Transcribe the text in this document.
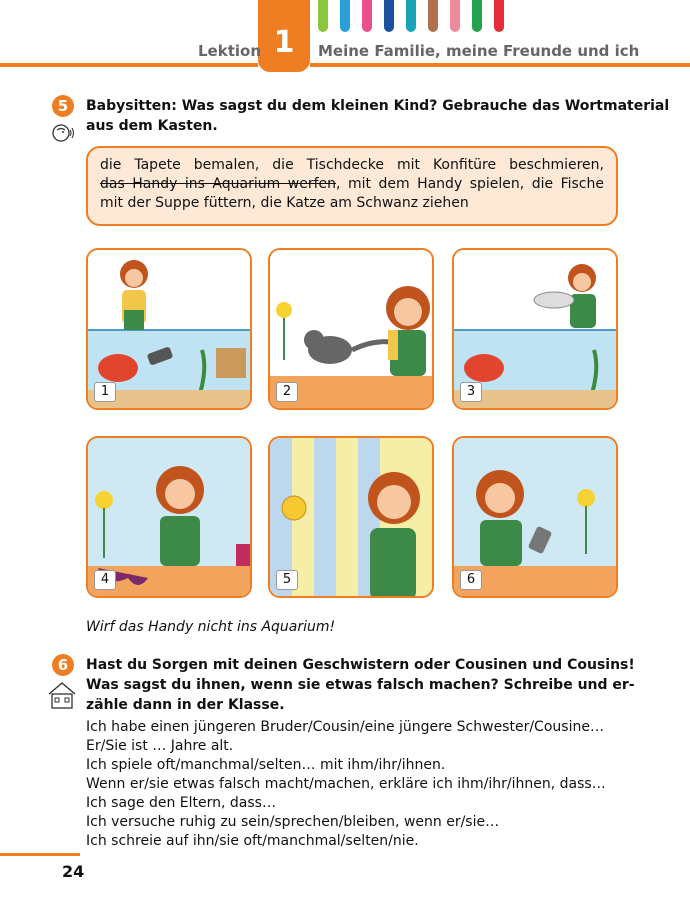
1
Lektion	Meine Familie, meine Freunde und ich
5	Babysitten: Was sagst du dem kleinen Kind? Gebrauche das Wortmaterial
aus dem Kasten.
die Tapete bemalen, die Tischdecke mit Konfitüre beschmieren,
das Handy ins Aquarium werfen, mit dem Handy spielen, die Fische
mit der Suppe füttern, die Katze am Schwanz ziehen
1	2	3
4	5	6
Wirf das Handy nicht ins Aquarium!
6	Hast du Sorgen mit deinen Geschwistern oder Cousinen und Cousins!
Was sagst du ihnen, wenn sie etwas falsch machen? Schreibe und er-
zähle dann in der Klasse.
Ich habe einen jüngeren Bruder/Cousin/eine jüngere Schwester/Cousine…
Er/Sie ist … Jahre alt.
Ich spiele oft/manchmal/selten… mit ihm/ihr/ihnen.
Wenn er/sie etwas falsch macht/machen, erkläre ich ihm/ihr/ihnen, dass…
Ich sage den Eltern, dass…
Ich versuche ruhig zu sein/sprechen/bleiben, wenn er/sie…
Ich schreie auf ihn/sie oft/manchmal/selten/nie.
24
